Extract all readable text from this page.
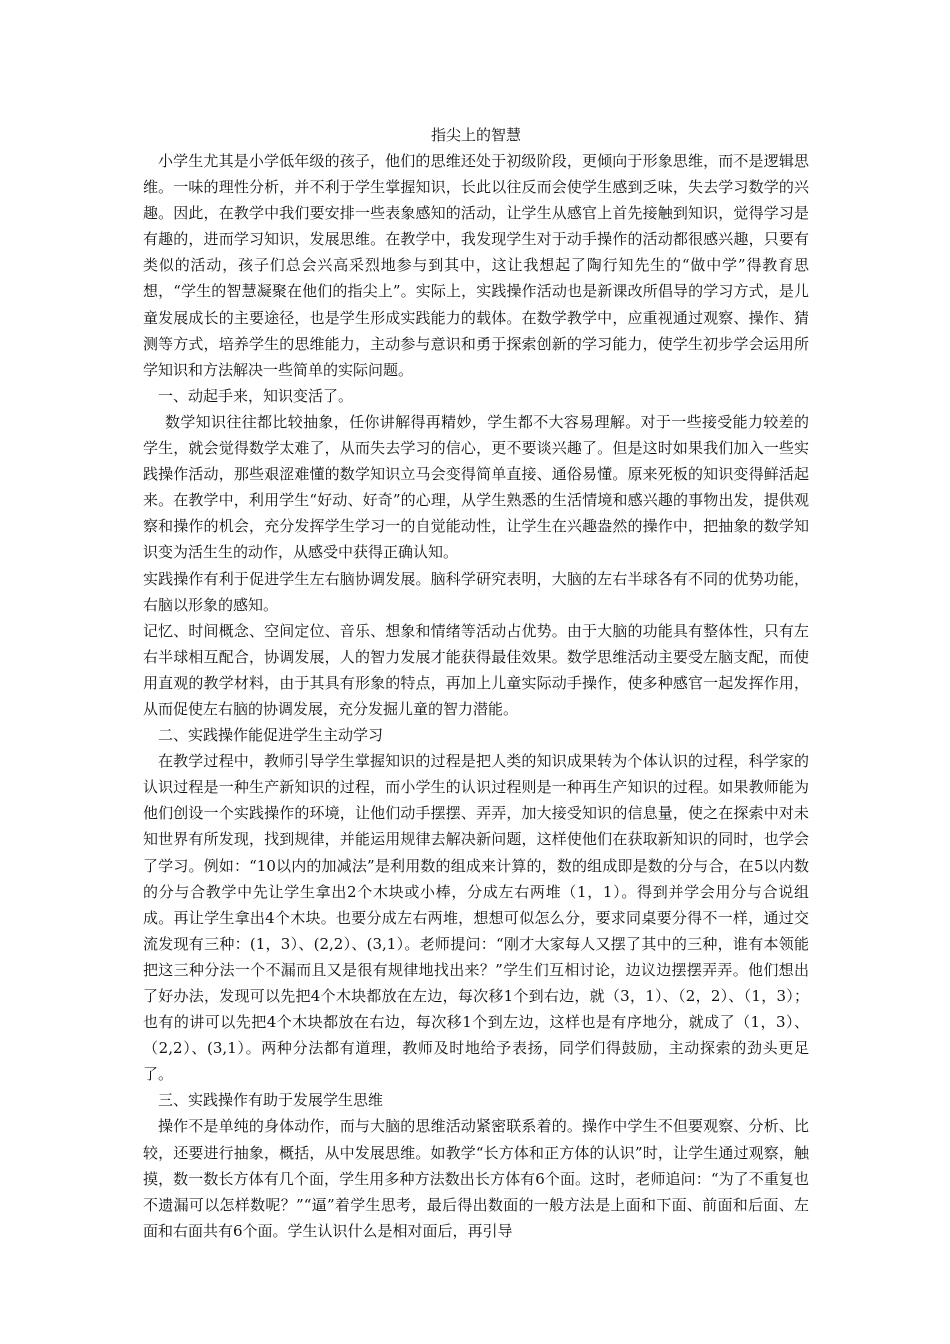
指尖上的智慧

小学生尤其是小学低年级的孩子，他们的思维还处于初级阶段，更倾向于形象思维，而不是逻辑思维。一味的理性分析，并不利于学生掌握知识，长此以往反而会使学生感到乏味，失去学习数学的兴趣。因此，在教学中我们要安排一些表象感知的活动，让学生从感官上首先接触到知识，觉得学习是有趣的，进而学习知识，发展思维。在教学中，我发现学生对于动手操作的活动都很感兴趣，只要有类似的活动，孩子们总会兴高采烈地参与到其中，这让我想起了陶行知先生的“做中学”得教育思想，“学生的智慧凝聚在他们的指尖上”。实际上，实践操作活动也是新课改所倡导的学习方式，是儿童发展成长的主要途径，也是学生形成实践能力的载体。在数学教学中，应重视通过观察、操作、猜测等方式，培养学生的思维能力，主动参与意识和勇于探索创新的学习能力，使学生初步学会运用所学知识和方法解决一些简单的实际问题。

一、动起手来，知识变活了。

数学知识往往都比较抽象，任你讲解得再精妙，学生都不大容易理解。对于一些接受能力较差的学生，就会觉得数学太难了，从而失去学习的信心，更不要谈兴趣了。但是这时如果我们加入一些实践操作活动，那些艰涩难懂的数学知识立马会变得简单直接、通俗易懂。原来死板的知识变得鲜活起来。在教学中，利用学生“好动、好奇”的心理，从学生熟悉的生活情境和感兴趣的事物出发，提供观察和操作的机会，充分发挥学生学习一的自觉能动性，让学生在兴趣盎然的操作中，把抽象的数学知识变为活生生的动作，从感受中获得正确认知。

实践操作有利于促进学生左右脑协调发展。脑科学研究表明，大脑的左右半球各有不同的优势功能，右脑以形象的感知。

记忆、时间概念、空间定位、音乐、想象和情绪等活动占优势。由于大脑的功能具有整体性，只有左右半球相互配合，协调发展，人的智力发展才能获得最佳效果。数学思维活动主要受左脑支配，而使用直观的教学材料，由于其具有形象的特点，再加上儿童实际动手操作，使多种感官一起发挥作用，从而促使左右脑的协调发展，充分发掘儿童的智力潜能。

二、实践操作能促进学生主动学习

在教学过程中，教师引导学生掌握知识的过程是把人类的知识成果转为个体认识的过程，科学家的认识过程是一种生产新知识的过程，而小学生的认识过程则是一种再生产知识的过程。如果教师能为他们创设一个实践操作的环境，让他们动手摆摆、弄弄，加大接受知识的信息量，使之在探索中对未知世界有所发现，找到规律，并能运用规律去解决新问题，这样使他们在获取新知识的同时，也学会了学习。例如：“10以内的加减法”是利用数的组成来计算的，数的组成即是数的分与合，在5以内数的分与合教学中先让学生拿出2个木块或小棒，分成左右两堆（1，1）。得到并学会用分与合说组成。再让学生拿出4个木块。也要分成左右两堆，想想可似怎么分，要求同桌要分得不一样，通过交流发现有三种：(1，3）、(2,2）、(3,1）。老师提问：“刚才大家每人又摆了其中的三种，谁有本领能把这三种分法一个不漏而且又是很有规律地找出来？”学生们互相讨论，边议边摆摆弄弄。他们想出了好办法，发现可以先把4个木块都放在左边，每次移1个到右边，就（3，1）、（2，2）、（1，3）；也有的讲可以先把4个木块都放在右边，每次移1个到左边，这样也是有序地分，就成了（1，3）、（2,2）、(3,1）。两种分法都有道理，教师及时地给予表扬，同学们得鼓励，主动探索的劲头更足了。

三、实践操作有助于发展学生思维

操作不是单纯的身体动作，而与大脑的思维活动紧密联系着的。操作中学生不但要观察、分析、比较，还要进行抽象，概括，从中发展思维。如教学“长方体和正方体的认识”时，让学生通过观察，触摸，数一数长方体有几个面，学生用多种方法数出长方体有6个面。这时，老师追问：“为了不重复也不遗漏可以怎样数呢？”“逼”着学生思考，最后得出数面的一般方法是上面和下面、前面和后面、左面和右面共有6个面。学生认识什么是相对面后，再引导
